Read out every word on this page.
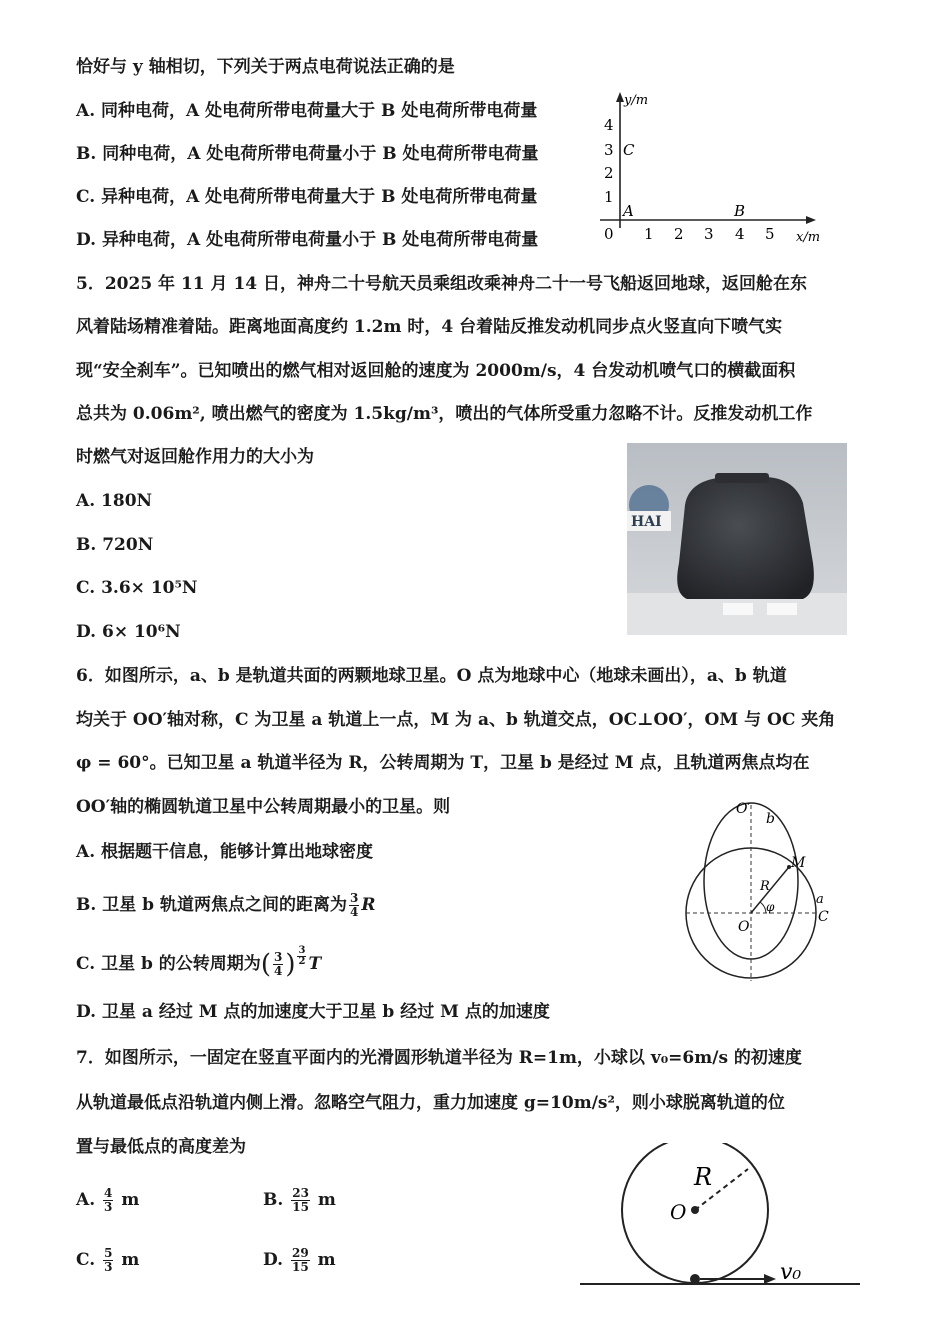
恰好与 y 轴相切，下列关于两点电荷说法正确的是
A. 同种电荷，A 处电荷所带电荷量大于 B 处电荷所带电荷量
B. 同种电荷，A 处电荷所带电荷量小于 B 处电荷所带电荷量
C. 异种电荷，A 处电荷所带电荷量大于 B 处电荷所带电荷量
D. 异种电荷，A 处电荷所带电荷量小于 B 处电荷所带电荷量
y/m
x/m
4
3
2
1
0 1 2 3 4 5
A	B
C
5．2025 年 11 月 14 日，神舟二十号航天员乘组改乘神舟二十一号飞船返回地球，返回舱在东
风着陆场精准着陆。距离地面高度约 1.2m 时，4 台着陆反推发动机同步点火竖直向下喷气实
现“安全刹车”。已知喷出的燃气相对返回舱的速度为 2000m/s，4 台发动机喷气口的横截面积
总共为 0.06m², 喷出燃气的密度为 1.5kg/m³，喷出的气体所受重力忽略不计。反推发动机工作
时燃气对返回舱作用力的大小为
A. 180N
B. 720N
C. 3.6× 10⁵N
D. 6× 10⁶N
HAI
6．如图所示，a、b 是轨道共面的两颗地球卫星。O 点为地球中心（地球未画出），a、b 轨道
均关于 OO′轴对称，C 为卫星 a 轨道上一点，M 为 a、b 轨道交点，OC⊥OO′，OM 与 OC 夹角
φ = 60°。已知卫星 a 轨道半径为 R，公转周期为 T，卫星 b 是经过 M 点，且轨道两焦点均在
OO′轴的椭圆轨道卫星中公转周期最小的卫星。则
A. 根据题干信息，能够计算出地球密度
B. 卫星 b 轨道两焦点之间的距离为 $\frac{3}{4}$ R
C. 卫星 b 的公转周期为( $\frac{3}{4}$ ) $\frac{3}{2}$ T
D. 卫星 a 经过 M 点的加速度大于卫星 b 经过 M 点的加速度
O′
b
M
R
φ
O
a
C
7．如图所示，一固定在竖直平面内的光滑圆形轨道半径为 R=1m，小球以 v₀=6m/s 的初速度
从轨道最低点沿轨道内侧上滑。忽略空气阻力，重力加速度 g=10m/s²，则小球脱离轨道的位
置与最低点的高度差为
A. $\frac{4}{3}$ m	B. $\frac{23}{15}$ m
C. $\frac{5}{3}$ m	D. $\frac{29}{15}$ m
R
O
v₀
